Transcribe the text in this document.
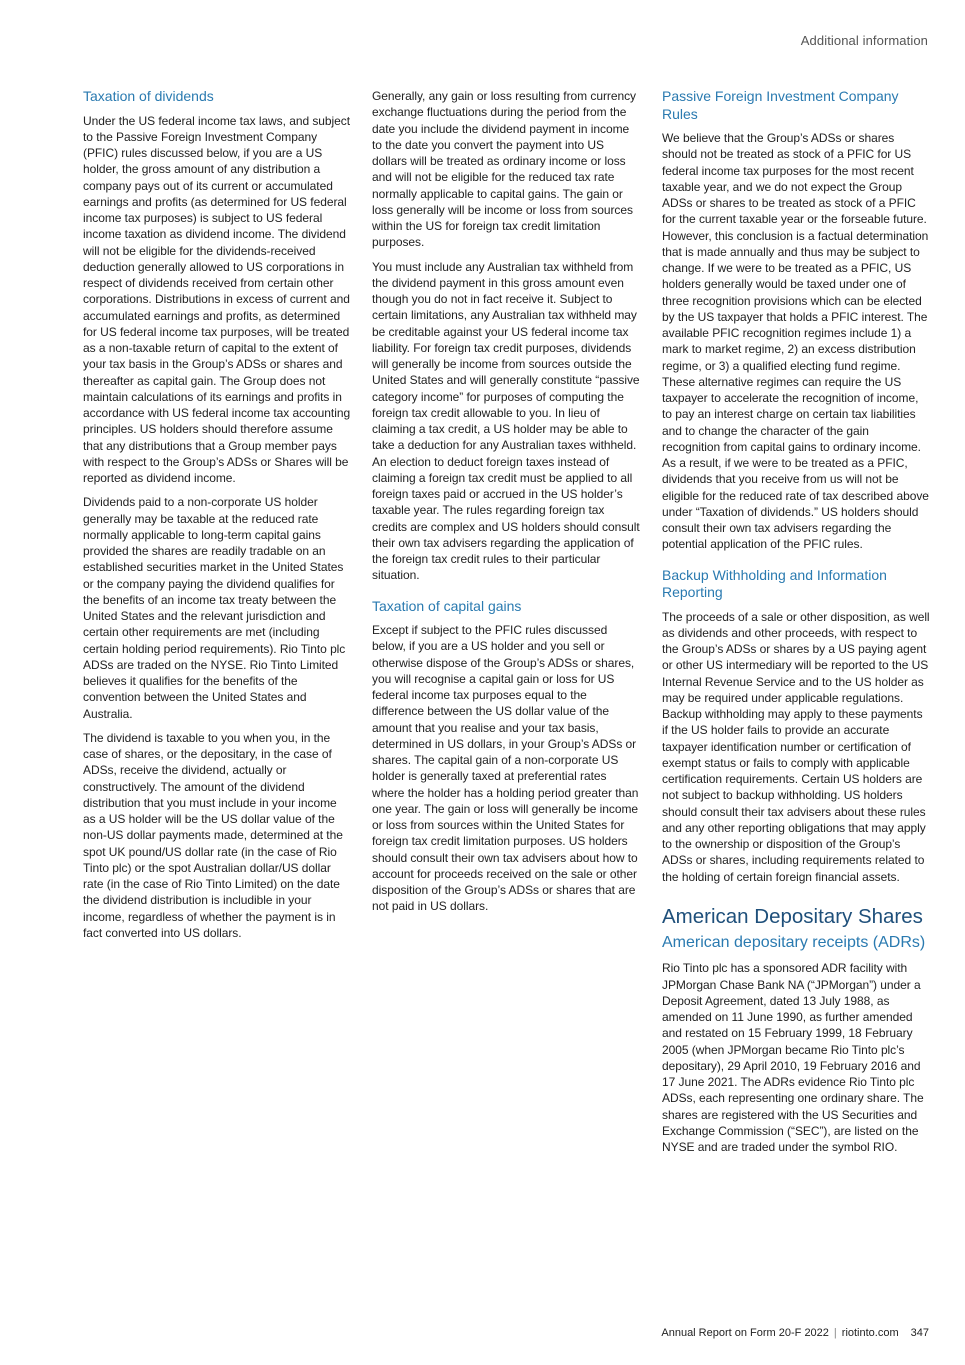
Additional information
Taxation of dividends

Under the US federal income tax laws, and subject to the Passive Foreign Investment Company (PFIC) rules discussed below, if you are a US holder, the gross amount of any distribution a company pays out of its current or accumulated earnings and profits (as determined for US federal income tax purposes) is subject to US federal income taxation as dividend income. The dividend will not be eligible for the dividends-received deduction generally allowed to US corporations in respect of dividends received from certain other corporations. Distributions in excess of current and accumulated earnings and profits, as determined for US federal income tax purposes, will be treated as a non-taxable return of capital to the extent of your tax basis in the Group’s ADSs or shares and thereafter as capital gain. The Group does not maintain calculations of its earnings and profits in accordance with US federal income tax accounting principles. US holders should therefore assume that any distributions that a Group member pays with respect to the Group’s ADSs or Shares will be reported as dividend income.

Dividends paid to a non-corporate US holder generally may be taxable at the reduced rate normally applicable to long-term capital gains provided the shares are readily tradable on an established securities market in the United States or the company paying the dividend qualifies for the benefits of an income tax treaty between the United States and the relevant jurisdiction and certain other requirements are met (including certain holding period requirements). Rio Tinto plc ADSs are traded on the NYSE. Rio Tinto Limited believes it qualifies for the benefits of the convention between the United States and Australia.

The dividend is taxable to you when you, in the case of shares, or the depositary, in the case of ADSs, receive the dividend, actually or constructively. The amount of the dividend distribution that you must include in your income as a US holder will be the US dollar value of the non-US dollar payments made, determined at the spot UK pound/US dollar rate (in the case of Rio Tinto plc) or the spot Australian dollar/US dollar rate (in the case of Rio Tinto Limited) on the date the dividend distribution is includible in your income, regardless of whether the payment is in fact converted into US dollars.

Generally, any gain or loss resulting from currency exchange fluctuations during the period from the date you include the dividend payment in income to the date you convert the payment into US dollars will be treated as ordinary income or loss and will not be eligible for the reduced tax rate normally applicable to capital gains. The gain or loss generally will be income or loss from sources within the US for foreign tax credit limitation purposes.

You must include any Australian tax withheld from the dividend payment in this gross amount even though you do not in fact receive it. Subject to certain limitations, any Australian tax withheld may be creditable against your US federal income tax liability. For foreign tax credit purposes, dividends will generally be income from sources outside the United States and will generally constitute “passive category income” for purposes of computing the foreign tax credit allowable to you. In lieu of claiming a tax credit, a US holder may be able to take a deduction for any Australian taxes withheld. An election to deduct foreign taxes instead of claiming a foreign tax credit must be applied to all foreign taxes paid or accrued in the US holder’s taxable year. The rules regarding foreign tax credits are complex and US holders should consult their own tax advisers regarding the application of the foreign tax credit rules to their particular situation.

Taxation of capital gains

Except if subject to the PFIC rules discussed below, if you are a US holder and you sell or otherwise dispose of the Group’s ADSs or shares, you will recognise a capital gain or loss for US federal income tax purposes equal to the difference between the US dollar value of the amount that you realise and your tax basis, determined in US dollars, in your Group’s ADSs or shares. The capital gain of a non-corporate US holder is generally taxed at preferential rates where the holder has a holding period greater than one year. The gain or loss will generally be income or loss from sources within the United States for foreign tax credit limitation purposes. US holders should consult their own tax advisers about how to account for proceeds received on the sale or other disposition of the Group’s ADSs or shares that are not paid in US dollars.

Passive Foreign Investment Company Rules

We believe that the Group’s ADSs or shares should not be treated as stock of a PFIC for US federal income tax purposes for the most recent taxable year, and we do not expect the Group ADSs or shares to be treated as stock of a PFIC for the current taxable year or the forseable future. However, this conclusion is a factual determination that is made annually and thus may be subject to change. If we were to be treated as a PFIC, US holders generally would be taxed under one of three recognition provisions which can be elected by the US taxpayer that holds a PFIC interest. The available PFIC recognition regimes include 1) a mark to market regime, 2) an excess distribution regime, or 3) a qualified electing fund regime. These alternative regimes can require the US taxpayer to accelerate the recognition of income, to pay an interest charge on certain tax liabilities and to change the character of the gain recognition from capital gains to ordinary income. As a result, if we were to be treated as a PFIC, dividends that you receive from us will not be eligible for the reduced rate of tax described above under “Taxation of dividends.” US holders should consult their own tax advisers regarding the potential application of the PFIC rules.

Backup Withholding and Information Reporting

The proceeds of a sale or other disposition, as well as dividends and other proceeds, with respect to the Group’s ADSs or shares by a US paying agent or other US intermediary will be reported to the US Internal Revenue Service and to the US holder as may be required under applicable regulations. Backup withholding may apply to these payments if the US holder fails to provide an accurate taxpayer identification number or certification of exempt status or fails to comply with applicable certification requirements. Certain US holders are not subject to backup withholding. US holders should consult their tax advisers about these rules and any other reporting obligations that may apply to the ownership or disposition of the Group’s ADSs or shares, including requirements related to the holding of certain foreign financial assets.

American Depositary Shares
American depositary receipts (ADRs)

Rio Tinto plc has a sponsored ADR facility with JPMorgan Chase Bank NA (“JPMorgan”) under a Deposit Agreement, dated 13 July 1988, as amended on 11 June 1990, as further amended and restated on 15 February 1999, 18 February 2005 (when JPMorgan became Rio Tinto plc’s depositary), 29 April 2010, 19 February 2016 and 17 June 2021. The ADRs evidence Rio Tinto plc ADSs, each representing one ordinary share. The shares are registered with the US Securities and Exchange Commission (“SEC”), are listed on the NYSE and are traded under the symbol RIO.

Annual Report on Form 20-F 2022 | riotinto.com 347
